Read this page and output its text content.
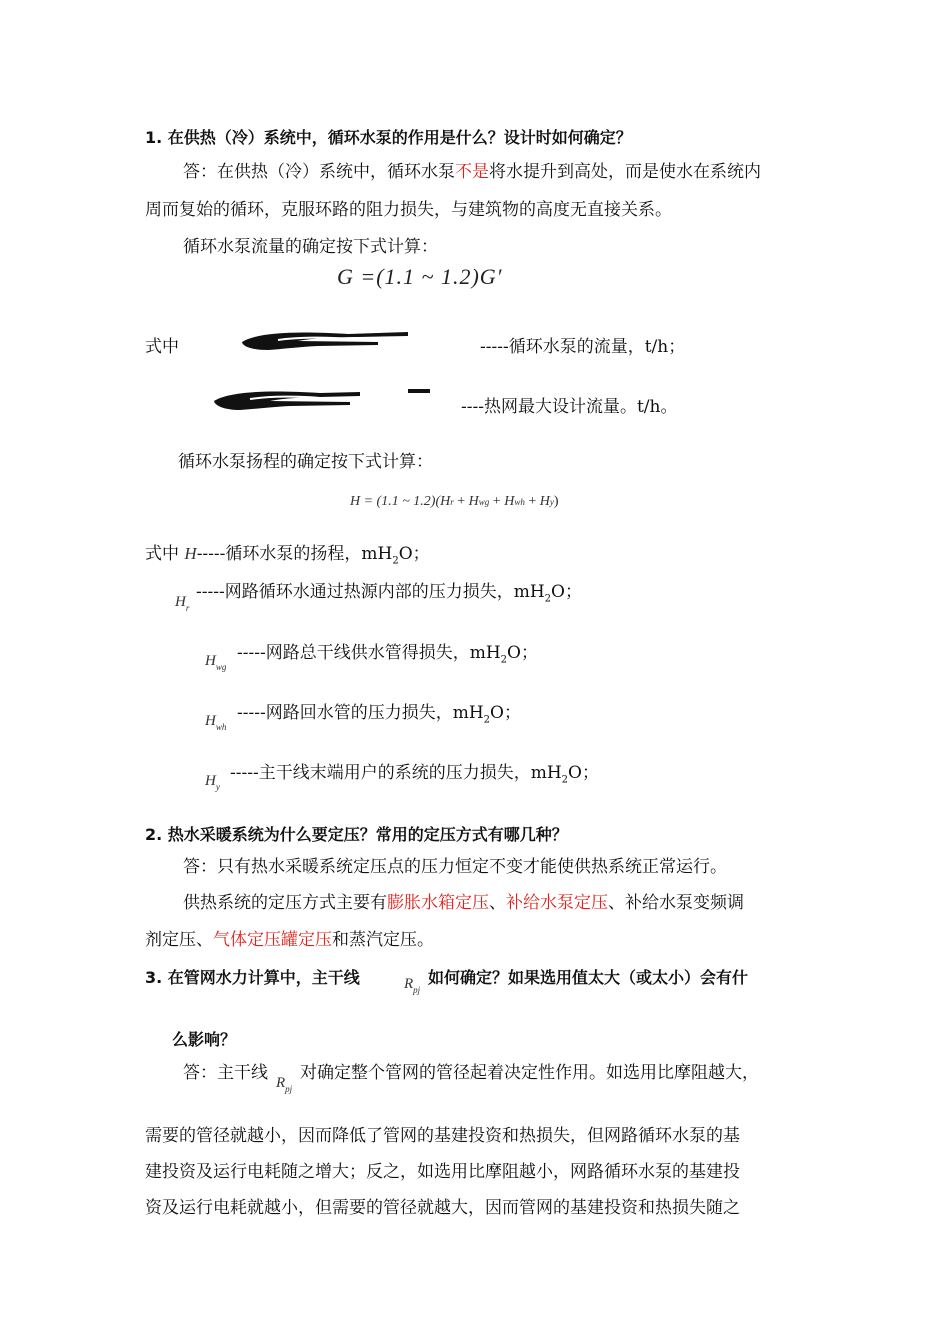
1. 在供热（冷）系统中，循环水泵的作用是什么？设计时如何确定？
答：在供热（冷）系统中，循环水泵不是将水提升到高处，而是使水在系统内
周而复始的循环，克服环路的阻力损失，与建筑物的高度无直接关系。
循环水泵流量的确定按下式计算：
G =(1.1 ~ 1.2)G′
式中	-----循环水泵的流量，t/h；
----热网最大设计流量。t/h。
循环水泵扬程的确定按下式计算：
H = (1.1 ~ 1.2)(Hr + Hwg + Hwh + Hy)
式中 H-----循环水泵的扬程，$mH_2O$；
$H_r$
-----网路循环水通过热源内部的压力损失，$mH_2O$；
$H_{wg}$
-----网路总干线供水管得损失，$mH_2O$；
$H_{wh}$
-----网路回水管的压力损失，$mH_2O$；
$H_y$
-----主干线末端用户的系统的压力损失，$mH_2O$；
2. 热水采暖系统为什么要定压？常用的定压方式有哪几种？
答：只有热水采暖系统定压点的压力恒定不变才能使供热系统正常运行。
供热系统的定压方式主要有膨胀水箱定压、补给水泵定压、补给水泵变频调
剂定压、气体定压罐定压和蒸汽定压。
3. 在管网水力计算中，主干线	$R_{pj}$
如何确定？如果选用值太大（或太小）会有什
么影响？
答：主干线 $R_{pj}$
对确定整个管网的管径起着决定性作用。如选用比摩阻越大，
需要的管径就越小，因而降低了管网的基建投资和热损失，但网路循环水泵的基
建投资及运行电耗随之增大；反之，如选用比摩阻越小，网路循环水泵的基建投
资及运行电耗就越小，但需要的管径就越大，因而管网的基建投资和热损失随之
